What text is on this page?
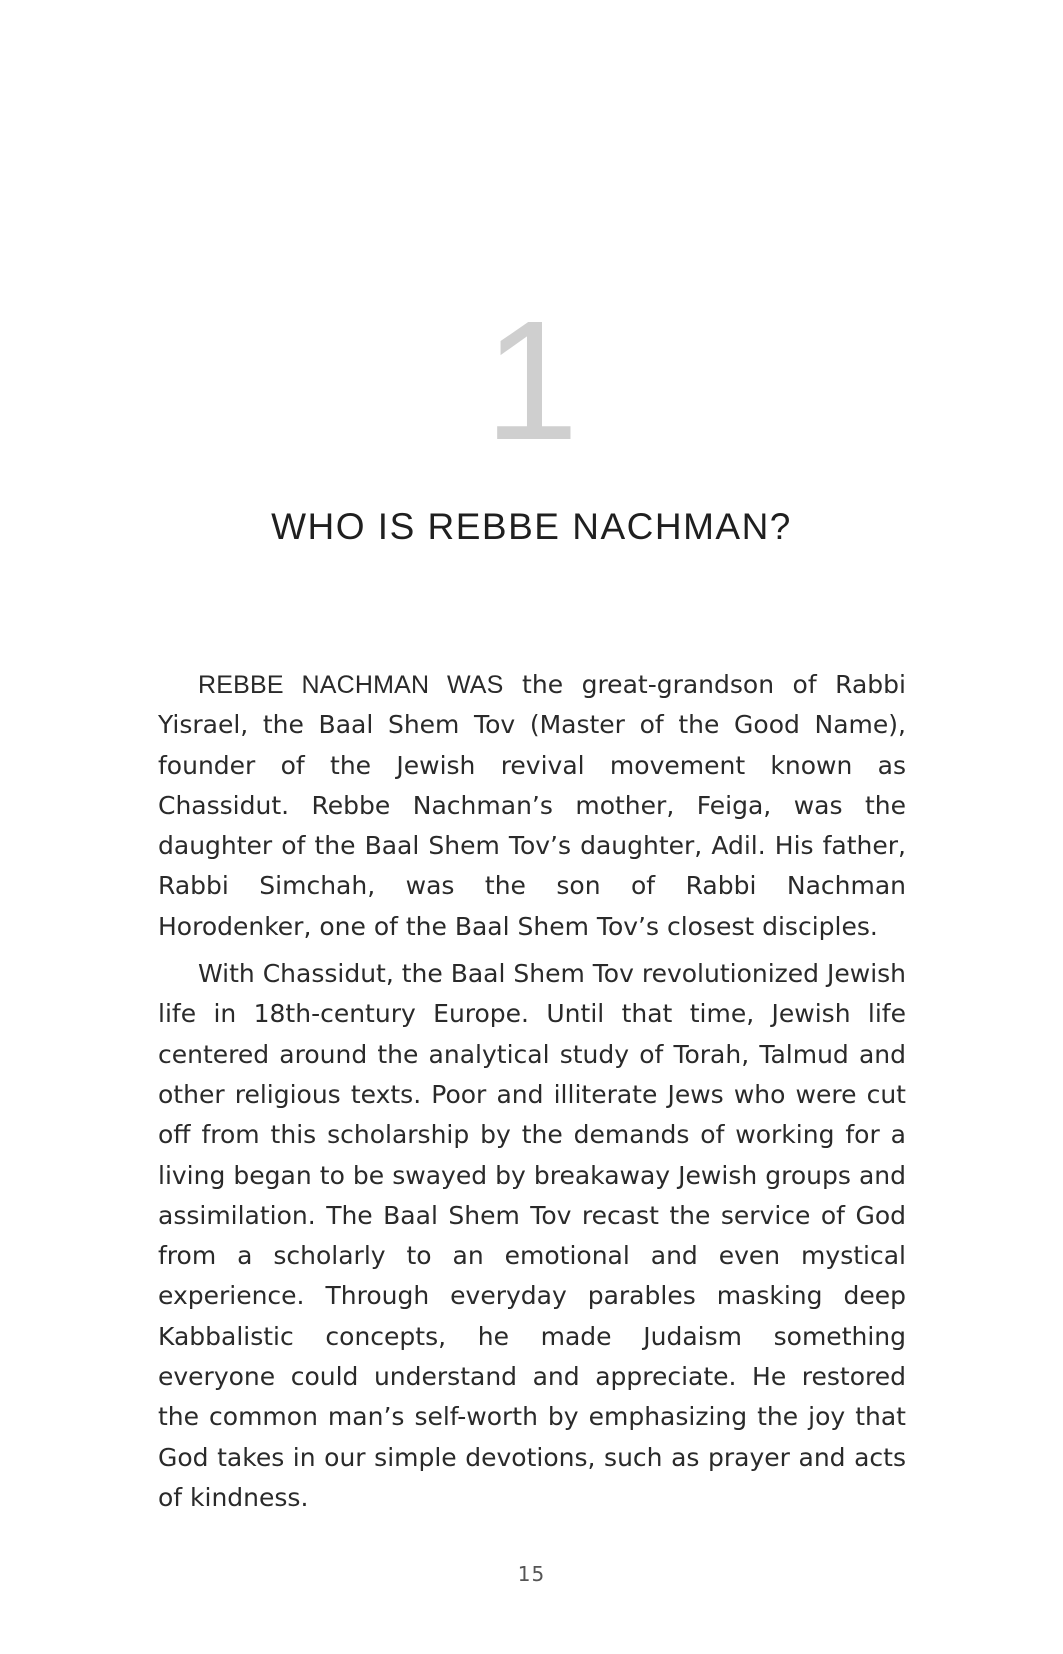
1
WHO IS REBBE NACHMAN?

REBBE NACHMAN WAS the great-grandson of Rabbi Yisrael, the Baal Shem Tov (Master of the Good Name), founder of the Jewish revival movement known as Chassidut. Rebbe Nachman’s mother, Feiga, was the daughter of the Baal Shem Tov’s daughter, Adil. His father, Rabbi Simchah, was the son of Rabbi Nachman Horodenker, one of the Baal Shem Tov’s closest disciples.

With Chassidut, the Baal Shem Tov revolutionized Jewish life in 18th-century Europe. Until that time, Jewish life centered around the analytical study of Torah, Talmud and other religious texts. Poor and illiterate Jews who were cut off from this scholarship by the demands of working for a living began to be swayed by breakaway Jewish groups and assimilation. The Baal Shem Tov recast the service of God from a scholarly to an emotional and even mystical experience. Through everyday parables masking deep Kabbalistic concepts, he made Judaism something everyone could understand and appreciate. He restored the common man’s self-worth by emphasizing the joy that God takes in our simple devotions, such as prayer and acts of kindness.

15
